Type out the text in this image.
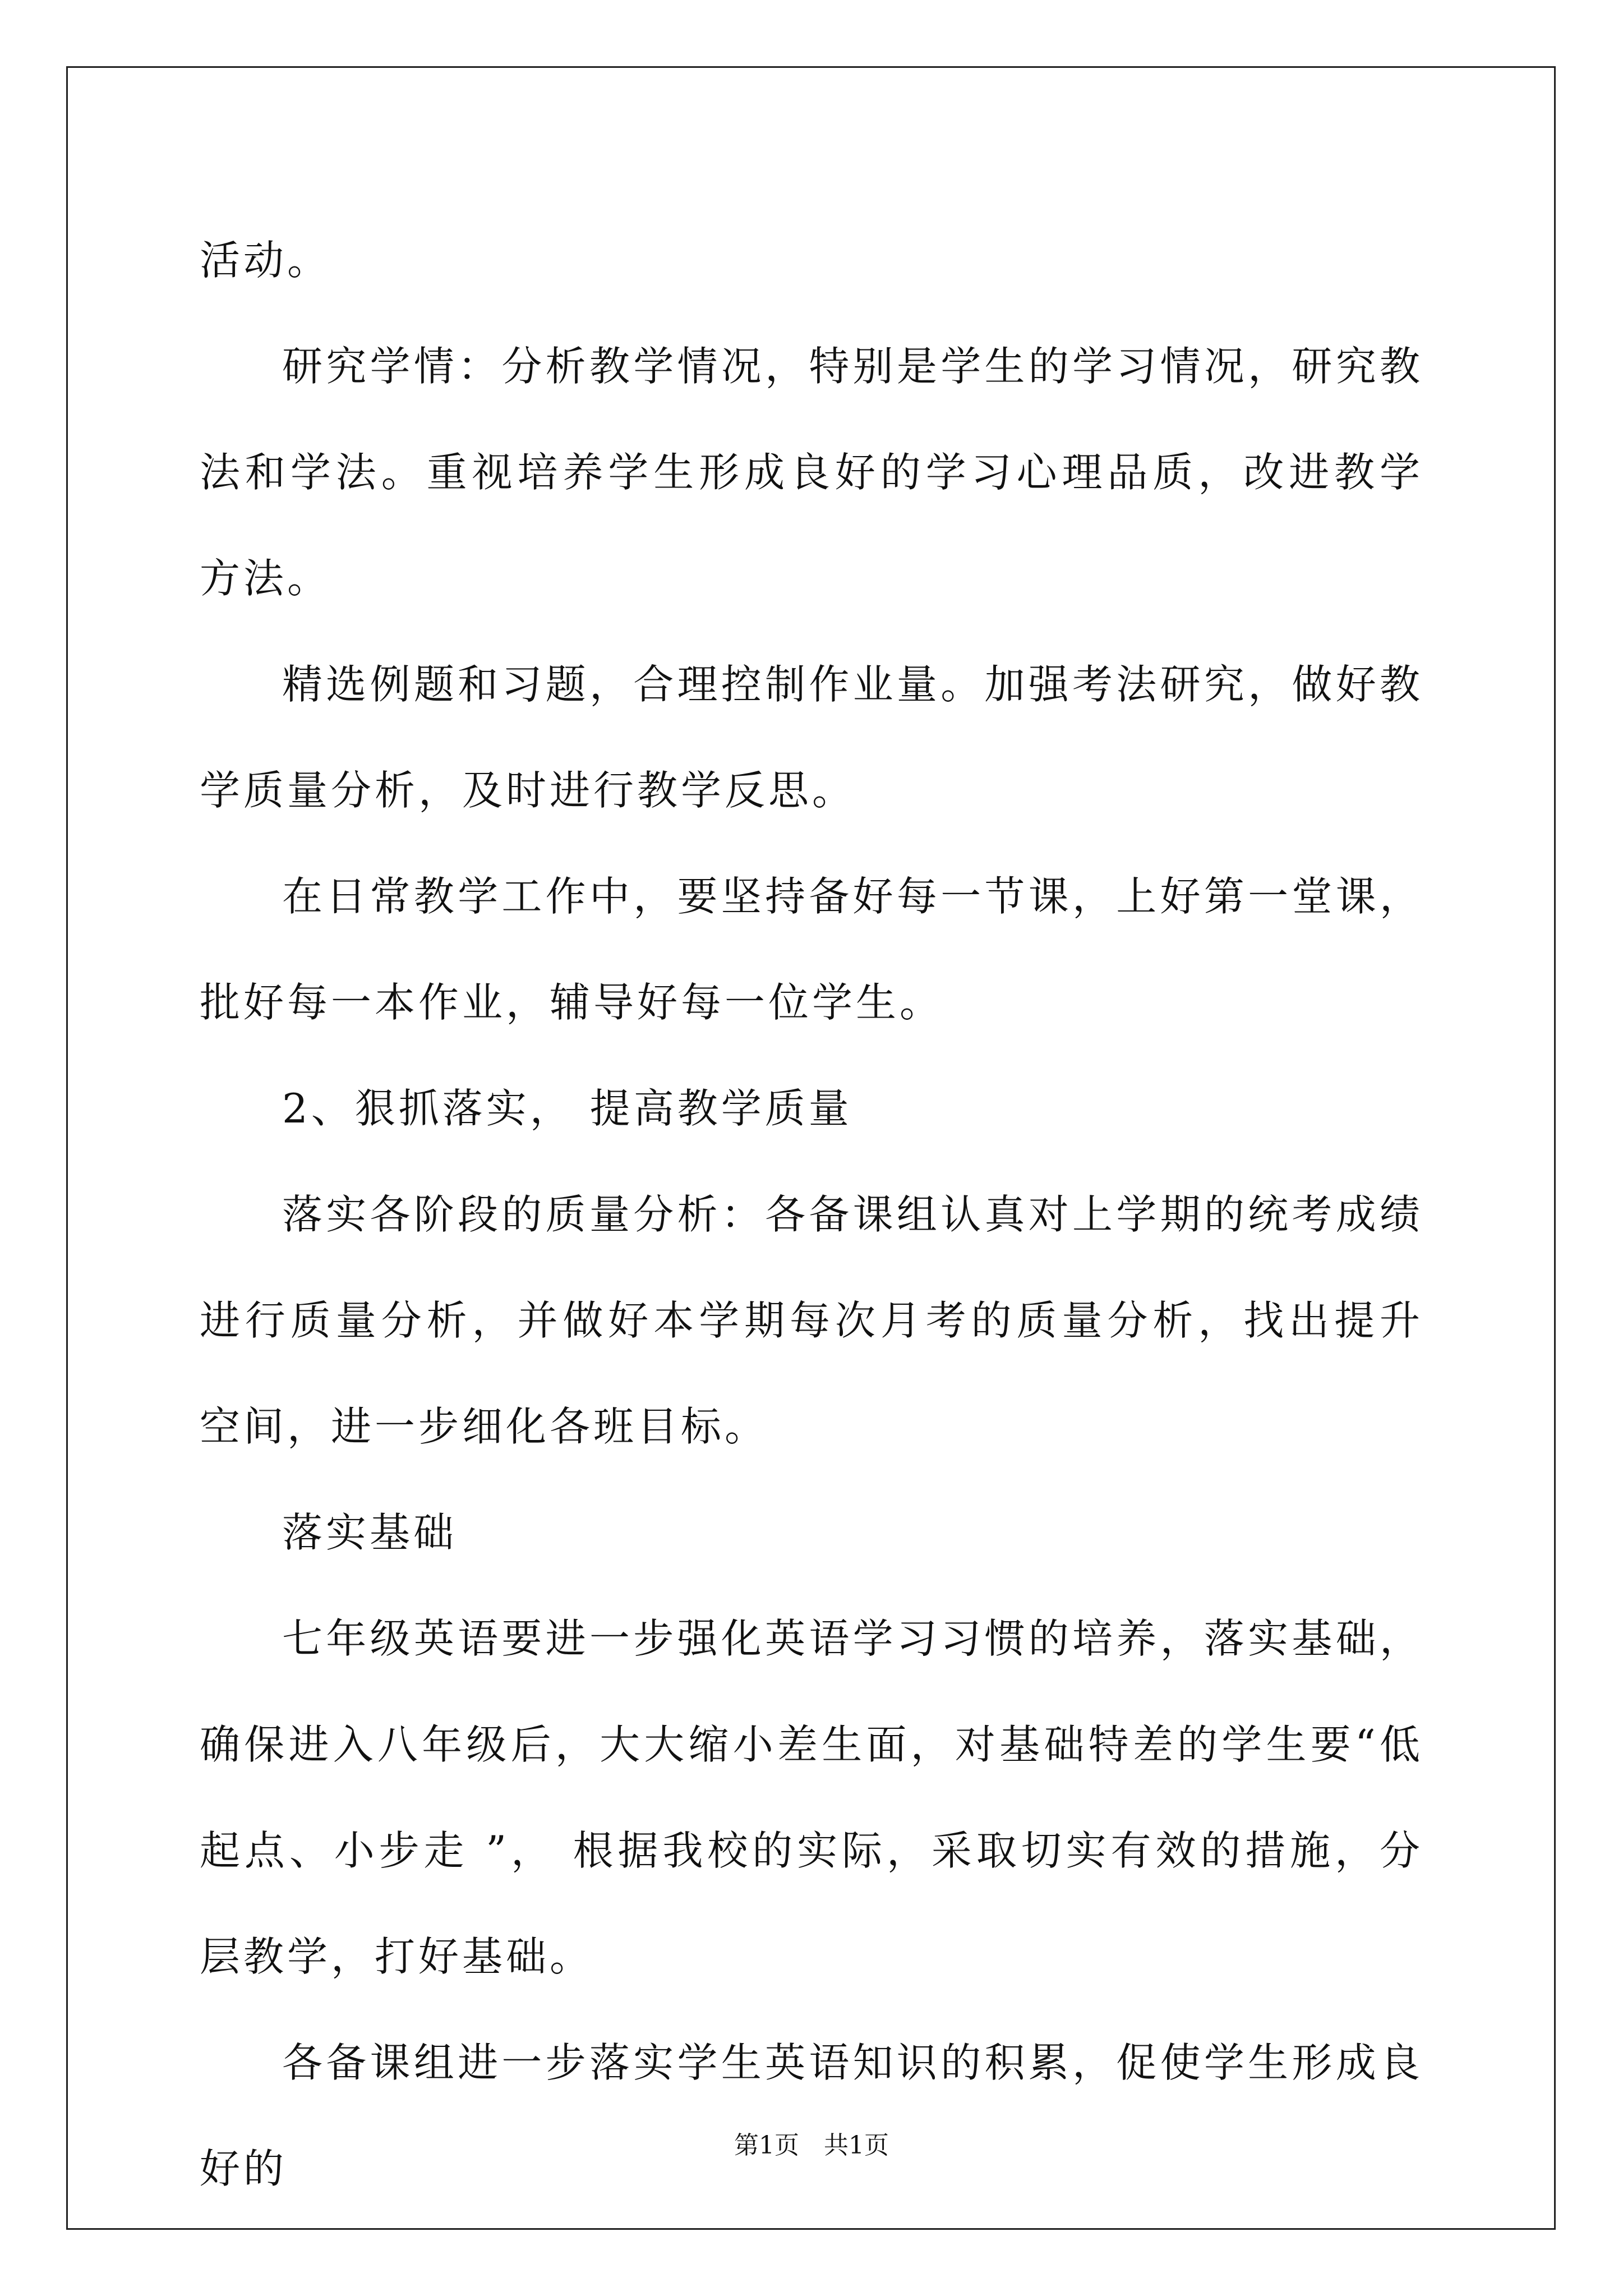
活动。

研究学情：分析教学情况，特别是学生的学习情况，研究教法和学法。重视培养学生形成良好的学习心理品质，改进教学方法。

精选例题和习题，合理控制作业量。加强考法研究，做好教学质量分析，及时进行教学反思。

在日常教学工作中，要坚持备好每一节课，上好第一堂课，批好每一本作业，辅导好每一位学生。

2、狠抓落实， 提高教学质量

落实各阶段的质量分析：各备课组认真对上学期的统考成绩进行质量分析，并做好本学期每次月考的质量分析，找出提升空间，进一步细化各班目标。

落实基础

七年级英语要进一步强化英语学习习惯的培养，落实基础，确保进入八年级后，大大缩小差生面，对基础特差的学生要“低起点、小步走 ”， 根据我校的实际，采取切实有效的措施，分层教学，打好基础。

各备课组进一步落实学生英语知识的积累，促使学生形成良好的	第1页　共1页
